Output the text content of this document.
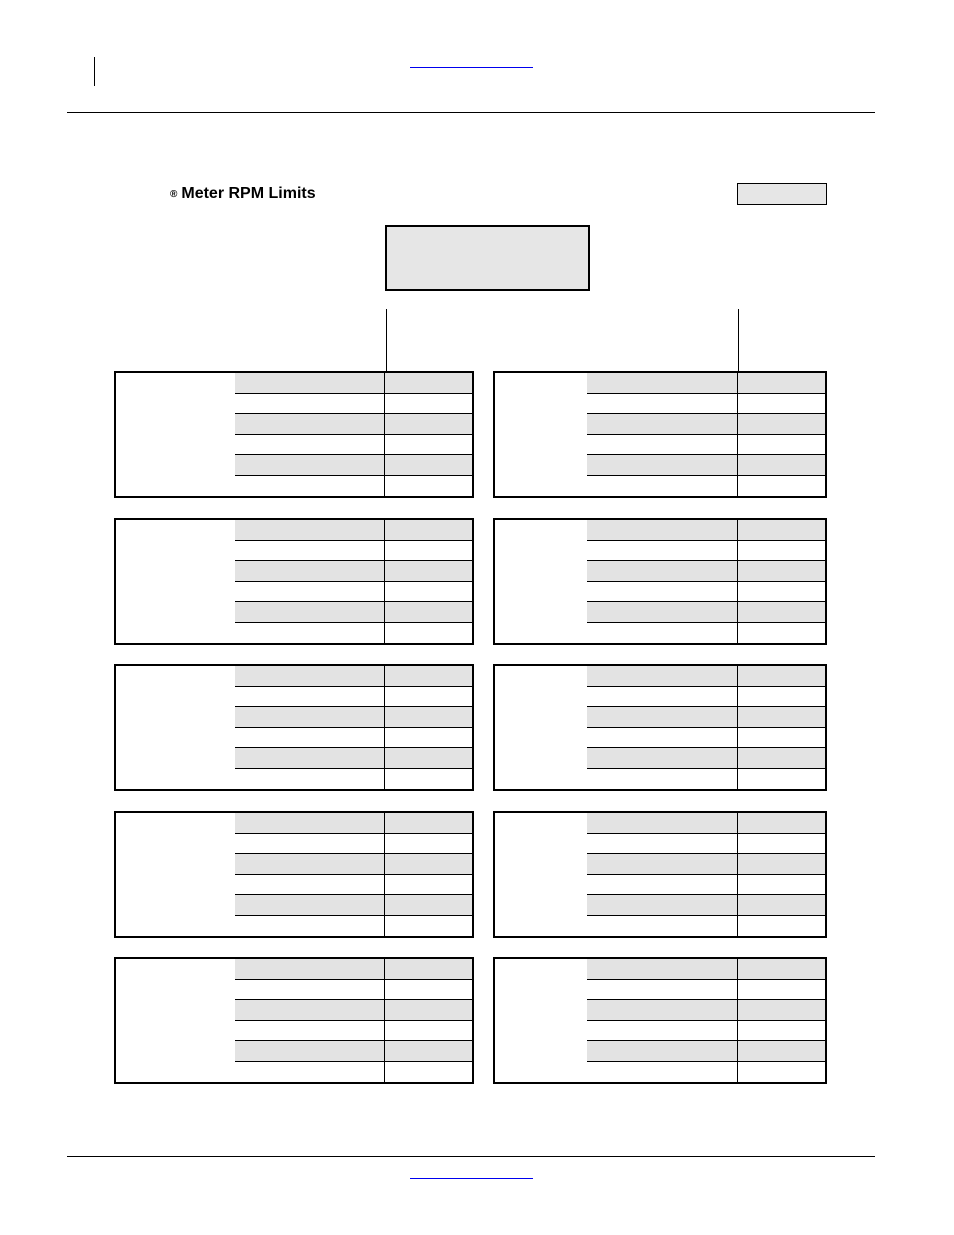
® Meter RPM Limits
